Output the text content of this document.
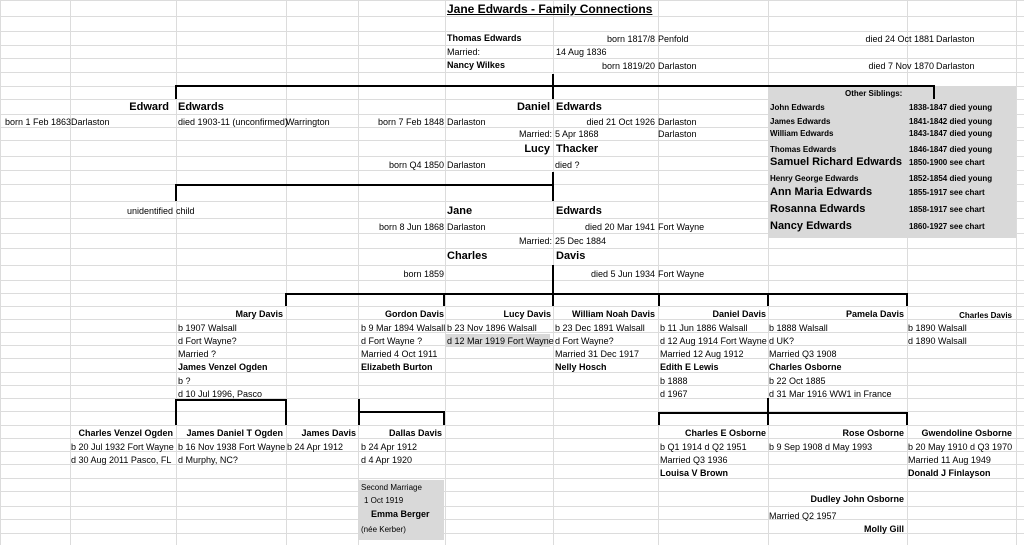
Jane Edwards - Family Connections
Thomas Edwards	born 1817/8 Penfold	died 24 Oct 1881 Darlaston
Married:	14 Aug 1836
Nancy Wilkes	born 1819/20 Darlaston	died 7 Nov 1870 Darlaston
Other Siblings:
John Edwards	1838-1847 died young
James Edwards	1841-1842 died young
William Edwards	1843-1847 died young
Thomas Edwards	1846-1847 died young
Samuel Richard Edwards 1850-1900 see chart
Henry George Edwards	1852-1854 died young
Ann Maria Edwards	1855-1917 see chart
Rosanna Edwards	1858-1917 see chart
Nancy Edwards	1860-1927 see chart
Edward Edwards	Daniel Edwards
born 1 Feb 1863 Darlaston	died 1903-11 (unconfirmed)
Warrington	born 7 Feb 1848 Darlaston	died 21 Oct 1926 Darlaston
Married: 5 Apr 1868	Darlaston
Lucy Thacker
born Q4 1850 Darlaston	died ?
unidentified child	Jane	Edwards
born 8 Jun 1868 Darlaston	died 20 Mar 1941 Fort Wayne
Married: 25 Dec 1884
Charles	Davis
born 1859	died 5 Jun 1934 Fort Wayne
Mary Davis
b 1907 Walsall
d Fort Wayne?
Married ?
James Venzel Ogden
b ?
d 10 Jul 1996, Pasco
Gordon Davis
b 9 Mar 1894 Walsall
d Fort Wayne ?
Married 4 Oct 1911
Elizabeth Burton
Lucy Davis
b 23 Nov 1896 Walsall
d 12 Mar 1919 Fort Wayne
William Noah Davis
b 23 Dec 1891 Walsall
d Fort Wayne?
Married 31 Dec 1917
Nelly Hosch
Daniel Davis
b 11 Jun 1886 Walsall
d 12 Aug 1914 Fort Wayne
Married 12 Aug 1912
Edith E Lewis
b 1888
d 1967
Pamela Davis
b 1888 Walsall
d UK?
Married Q3 1908
Charles Osborne
b 22 Oct 1885
d 31 Mar 1916 WW1 in France
Charles Davis
b 1890 Walsall
d 1890 Walsall
Charles Venzel Ogden
b 20 Jul 1932 Fort Wayne
d 30 Aug 2011 Pasco, FL
James Daniel T Ogden
b 16 Nov 1938 Fort Wayne
d Murphy, NC?
James Davis
b 24 Apr 1912
Dallas Davis
b 24 Apr 1912
d 4 Apr 1920
Second Marriage
1 Oct 1919
Emma Berger
(née Kerber)
Charles E Osborne
b Q1 1914 d Q2 1951
Married Q3 1936
Louisa V Brown
Rose Osborne
b 9 Sep 1908 d May 1993
Gwendoline Osborne
b 20 May 1910 d Q3 1970
Married 11 Aug 1949
Donald J Finlayson
Dudley John Osborne
Married Q2 1957
Molly Gill
